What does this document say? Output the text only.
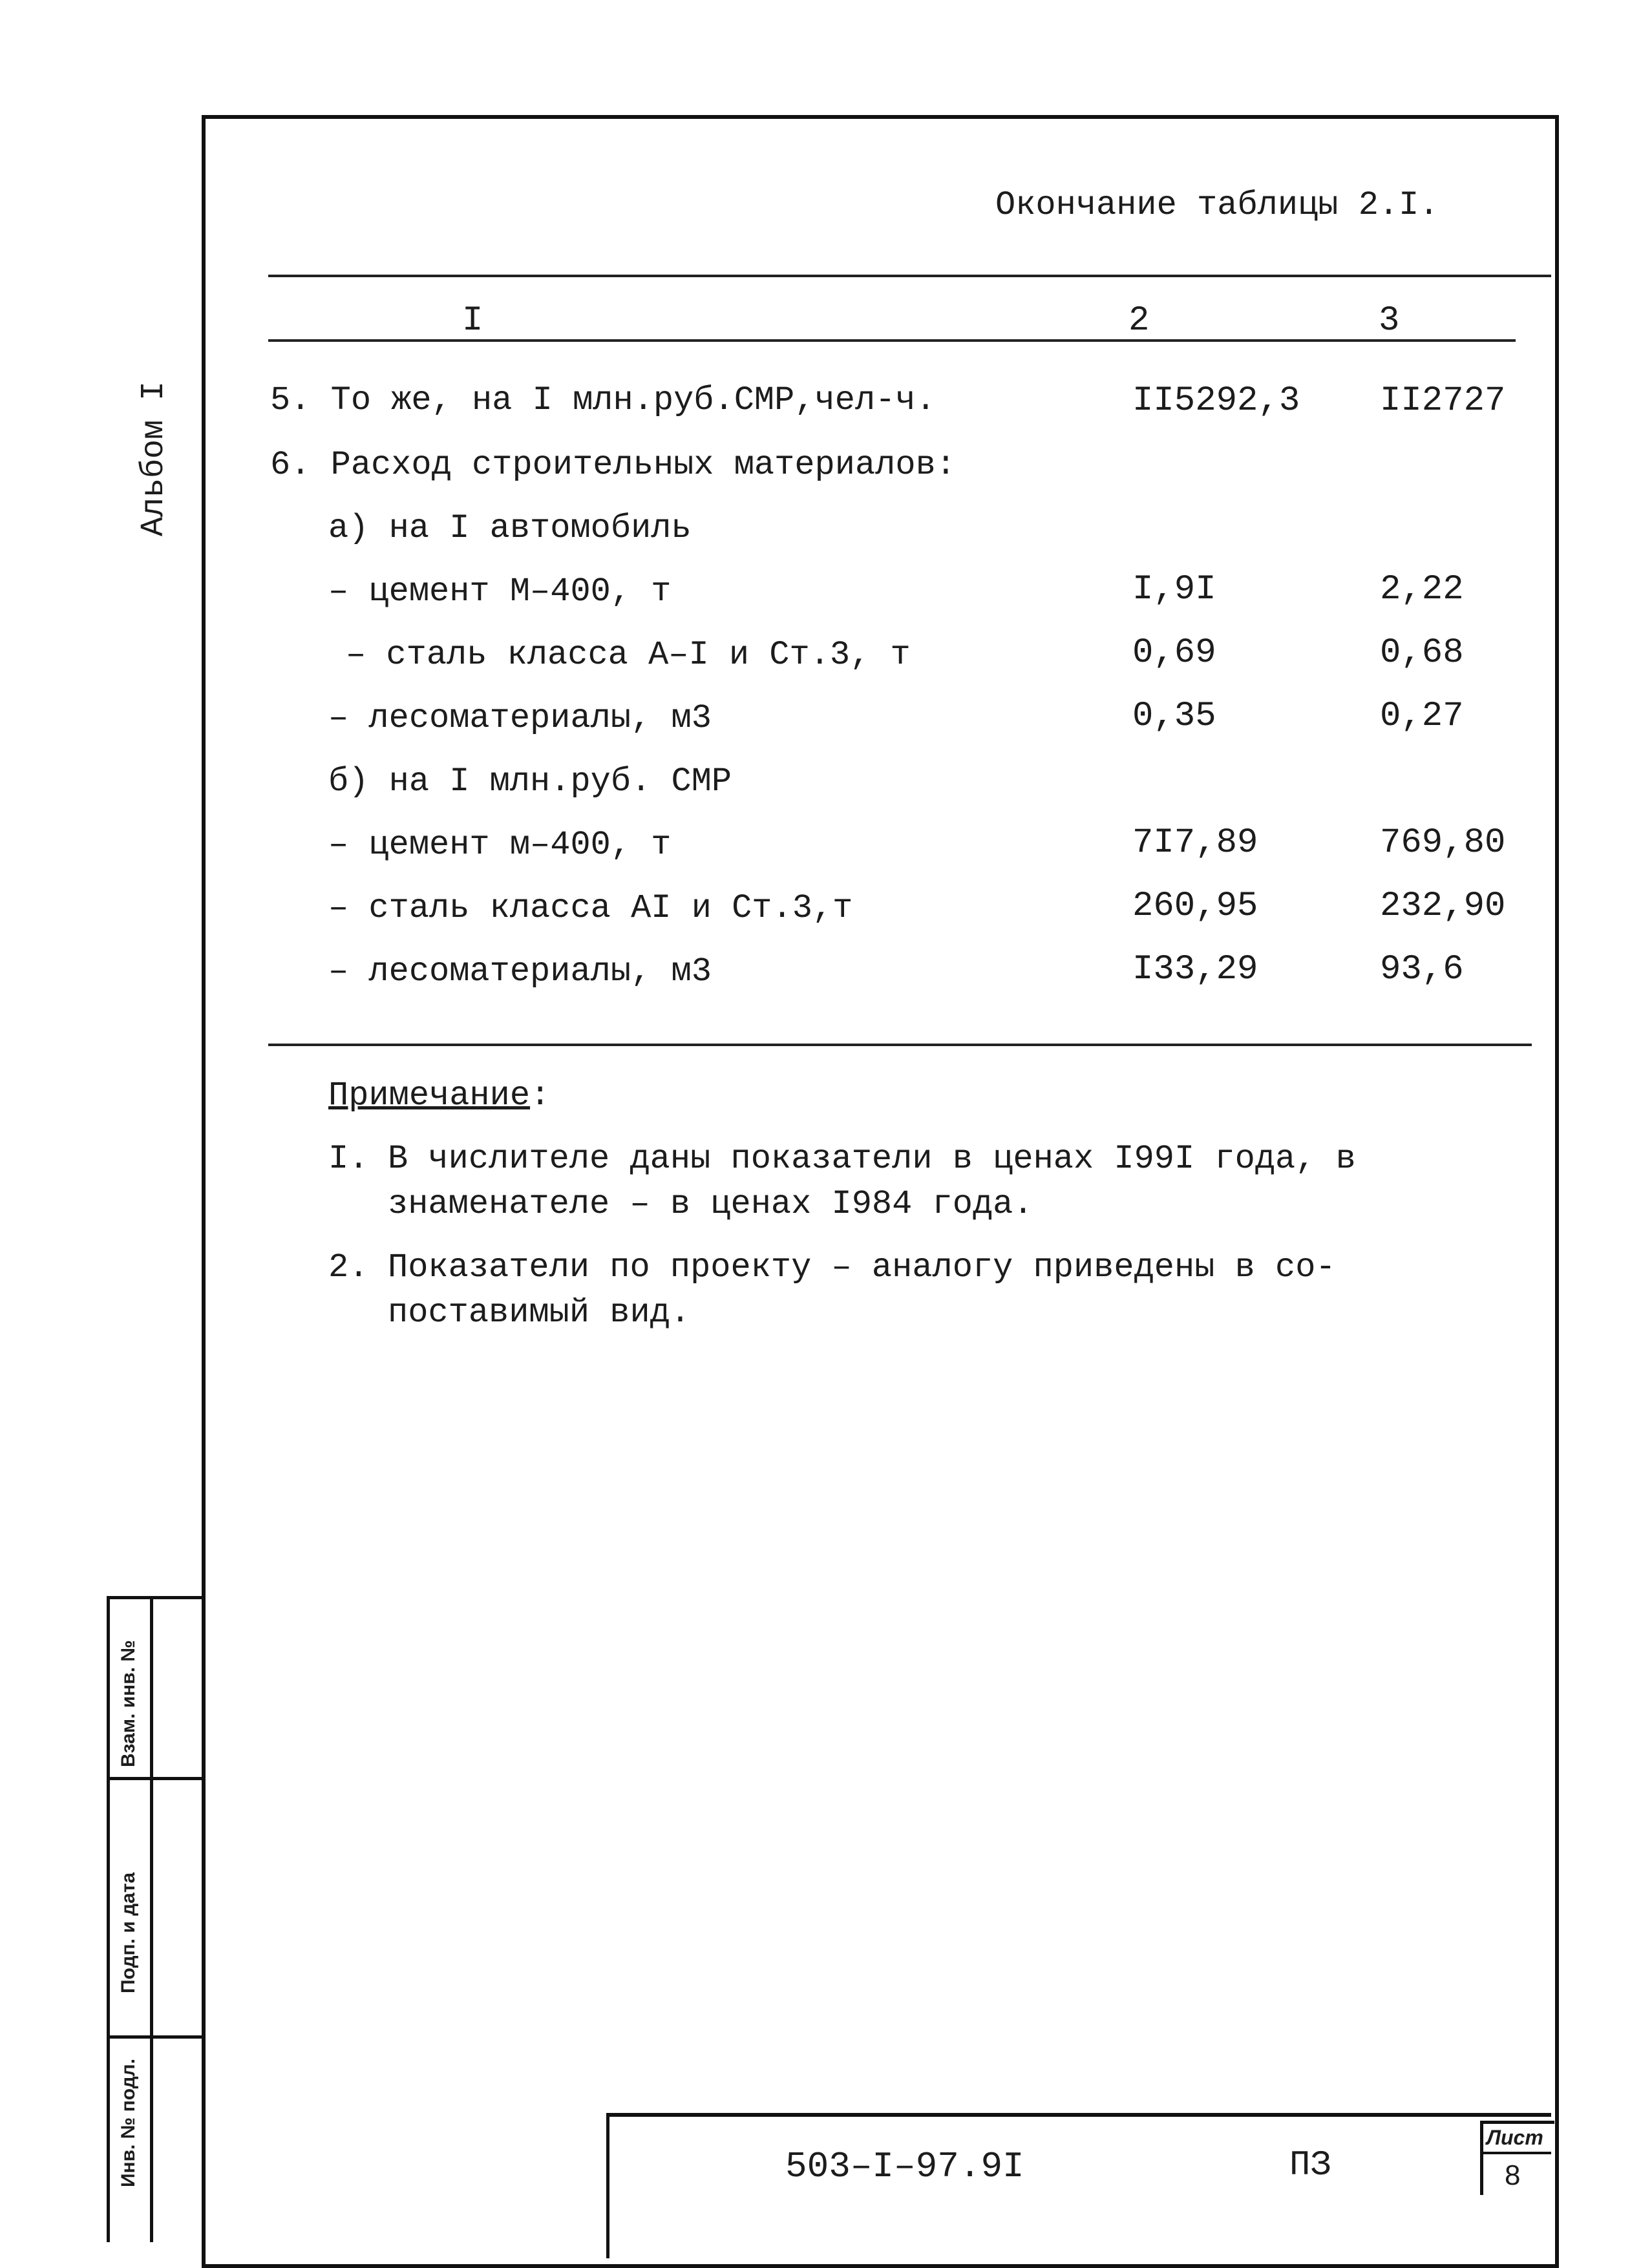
Окончание таблицы 2.I.
I	2	3
5. То же, на I млн.руб.СМР,чел-ч.	II5292,3 II2727
6. Расход строительных материалов:
а) на I автомобиль
– цемент М–400, т	I,9I	2,22
– сталь класса А–I и Ст.3, т	0,69	0,68
– лесоматериалы, м3	0,35	0,27
б) на I млн.руб. СМР
– цемент м–400, т	7I7,89	769,80
– сталь класса AI и Ст.3,т	260,95	232,90
– лесоматериалы, м3	I33,29	93,6
Примечание:
I. В числителе даны показатели в ценах I99I года, в
знаменателе – в ценах I984 года.
2. Показатели по проекту – аналогу приведены в со-
поставимый вид.
Альбом I
Взам. инв. №
Подп. и дата
Инв. № подл.	503–I–97.9I	ПЗ
Лист
8
